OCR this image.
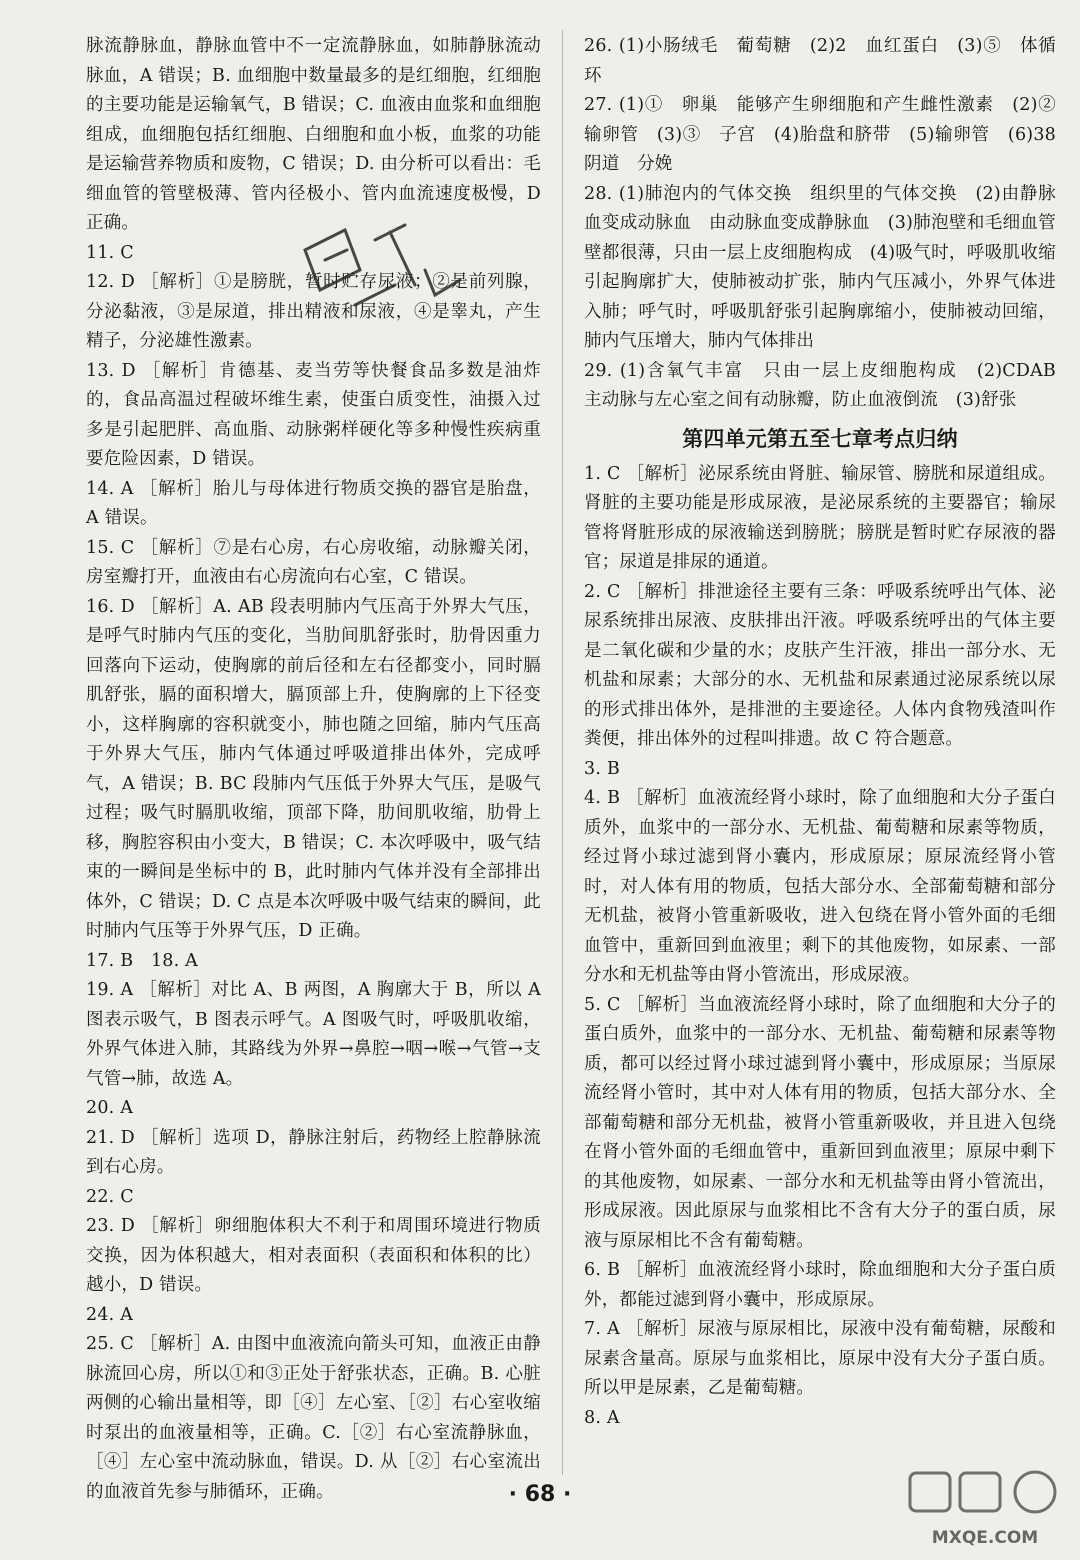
脉流静脉血，静脉血管中不一定流静脉血，如肺静脉流动脉血，A 错误；B. 血细胞中数量最多的是红细胞，红细胞的主要功能是运输氧气，B 错误；C. 血液由血浆和血细胞组成，血细胞包括红细胞、白细胞和血小板，血浆的功能是运输营养物质和废物，C 错误；D. 由分析可以看出：毛细血管的管壁极薄、管内径极小、管内血流速度极慢，D 正确。

11. C

12. D ［解析］①是膀胱，暂时贮存尿液；②是前列腺，分泌黏液，③是尿道，排出精液和尿液，④是睾丸，产生精子，分泌雄性激素。

13. D ［解析］肯德基、麦当劳等快餐食品多数是油炸的，食品高温过程破坏维生素，使蛋白质变性，油摄入过多是引起肥胖、高血脂、动脉粥样硬化等多种慢性疾病重要危险因素，D 错误。

14. A ［解析］胎儿与母体进行物质交换的器官是胎盘，A 错误。

15. C ［解析］⑦是右心房，右心房收缩，动脉瓣关闭，房室瓣打开，血液由右心房流向右心室，C 错误。

16. D ［解析］A. AB 段表明肺内气压高于外界大气压，是呼气时肺内气压的变化，当肋间肌舒张时，肋骨因重力回落向下运动，使胸廓的前后径和左右径都变小，同时膈肌舒张，膈的面积增大，膈顶部上升，使胸廓的上下径变小，这样胸廓的容积就变小，肺也随之回缩，肺内气压高于外界大气压，肺内气体通过呼吸道排出体外，完成呼气，A 错误；B. BC 段肺内气压低于外界大气压，是吸气过程；吸气时膈肌收缩，顶部下降，肋间肌收缩，肋骨上移，胸腔容积由小变大，B 错误；C. 本次呼吸中，吸气结束的一瞬间是坐标中的 B，此时肺内气体并没有全部排出体外，C 错误；D. C 点是本次呼吸中吸气结束的瞬间，此时肺内气压等于外界气压，D 正确。

17. B　18. A

19. A ［解析］对比 A、B 两图，A 胸廓大于 B，所以 A 图表示吸气，B 图表示呼气。A 图吸气时，呼吸肌收缩，外界气体进入肺，其路线为外界→鼻腔→咽→喉→气管→支气管→肺，故选 A。

20. A

21. D ［解析］选项 D，静脉注射后，药物经上腔静脉流到右心房。

22. C

23. D ［解析］卵细胞体积大不利于和周围环境进行物质交换，因为体积越大，相对表面积（表面积和体积的比）越小，D 错误。

24. A

25. C ［解析］A. 由图中血液流向箭头可知，血液正由静脉流回心房，所以①和③正处于舒张状态，正确。B. 心脏两侧的心输出量相等，即［④］左心室、［②］右心室收缩时泵出的血液量相等，正确。C.［②］右心室流静脉血，［④］左心室中流动脉血，错误。D. 从［②］右心室流出的血液首先参与肺循环，正确。

26. (1)小肠绒毛　葡萄糖　(2)2　血红蛋白　(3)⑤　体循环

27. (1)①　卵巢　能够产生卵细胞和产生雌性激素　(2)②　输卵管　(3)③　子宫　(4)胎盘和脐带　(5)输卵管　(6)38　阴道　分娩

28. (1)肺泡内的气体交换　组织里的气体交换　(2)由静脉血变成动脉血　由动脉血变成静脉血　(3)肺泡壁和毛细血管壁都很薄，只由一层上皮细胞构成　(4)吸气时，呼吸肌收缩引起胸廓扩大，使肺被动扩张，肺内气压减小，外界气体进入肺；呼气时，呼吸肌舒张引起胸廓缩小，使肺被动回缩，肺内气压增大，肺内气体排出

29. (1)含氧气丰富　只由一层上皮细胞构成　(2)CDAB　主动脉与左心室之间有动脉瓣，防止血液倒流　(3)舒张

第四单元第五至七章考点归纳

1. C ［解析］泌尿系统由肾脏、输尿管、膀胱和尿道组成。肾脏的主要功能是形成尿液，是泌尿系统的主要器官；输尿管将肾脏形成的尿液输送到膀胱；膀胱是暂时贮存尿液的器官；尿道是排尿的通道。

2. C ［解析］排泄途径主要有三条：呼吸系统呼出气体、泌尿系统排出尿液、皮肤排出汗液。呼吸系统呼出的气体主要是二氧化碳和少量的水；皮肤产生汗液，排出一部分水、无机盐和尿素；大部分的水、无机盐和尿素通过泌尿系统以尿的形式排出体外，是排泄的主要途径。人体内食物残渣叫作粪便，排出体外的过程叫排遗。故 C 符合题意。

3. B

4. B ［解析］血液流经肾小球时，除了血细胞和大分子蛋白质外，血浆中的一部分水、无机盐、葡萄糖和尿素等物质，经过肾小球过滤到肾小囊内，形成原尿；原尿流经肾小管时，对人体有用的物质，包括大部分水、全部葡萄糖和部分无机盐，被肾小管重新吸收，进入包绕在肾小管外面的毛细血管中，重新回到血液里；剩下的其他废物，如尿素、一部分水和无机盐等由肾小管流出，形成尿液。

5. C ［解析］当血液流经肾小球时，除了血细胞和大分子的蛋白质外，血浆中的一部分水、无机盐、葡萄糖和尿素等物质，都可以经过肾小球过滤到肾小囊中，形成原尿；当原尿流经肾小管时，其中对人体有用的物质，包括大部分水、全部葡萄糖和部分无机盐，被肾小管重新吸收，并且进入包绕在肾小管外面的毛细血管中，重新回到血液里；原尿中剩下的其他废物，如尿素、一部分水和无机盐等由肾小管流出，形成尿液。因此原尿与血浆相比不含有大分子的蛋白质，尿液与原尿相比不含有葡萄糖。

6. B ［解析］血液流经肾小球时，除血细胞和大分子蛋白质外，都能过滤到肾小囊中，形成原尿。

7. A ［解析］尿液与原尿相比，尿液中没有葡萄糖，尿酸和尿素含量高。原尿与血浆相比，原尿中没有大分子蛋白质。所以甲是尿素，乙是葡萄糖。

8. A

· 68 ·
MXQE.COM
